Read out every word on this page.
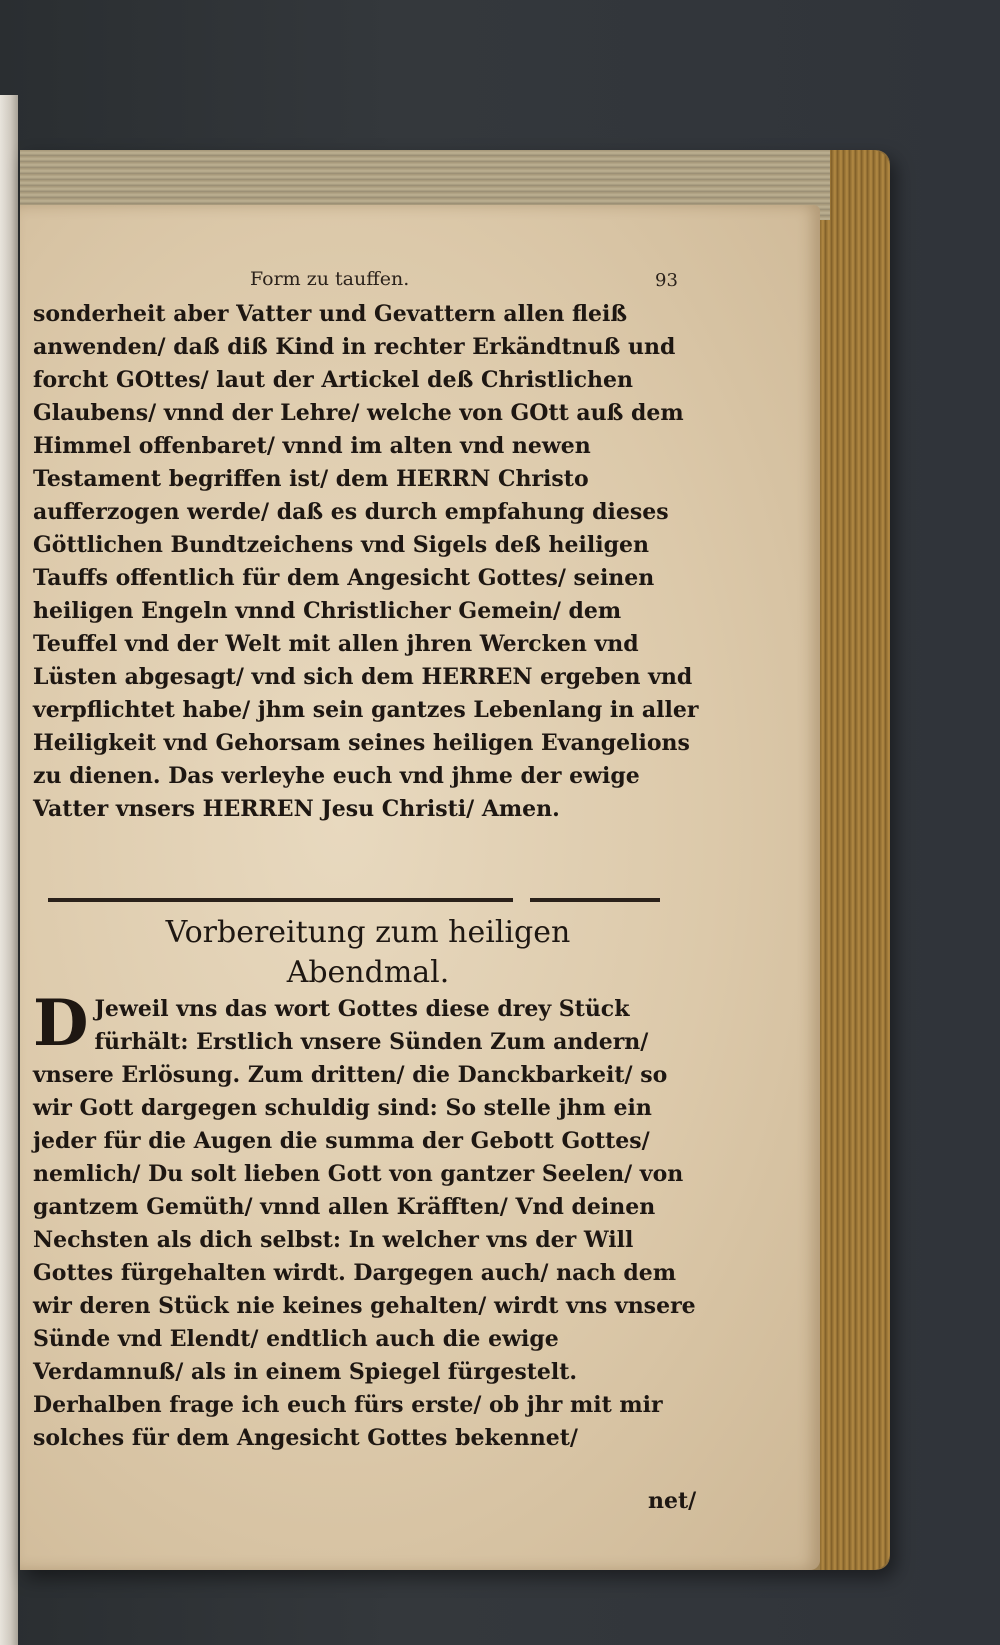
Form zu tauffen.	93
sonderheit aber Vatter und Gevattern allen fleiß anwenden/ daß diß Kind in rechter Erkändtnuß und forcht GOttes/ laut der Artickel deß Christlichen Glaubens/ vnnd der Lehre/ welche von GOtt auß dem Himmel offenbaret/ vnnd im alten vnd newen Testament begriffen ist/ dem HERRN Christo aufferzogen werde/ daß es durch empfahung dieses Göttlichen Bundtzeichens vnd Sigels deß heiligen Tauffs offentlich für dem Angesicht Gottes/ seinen heiligen Engeln vnnd Christlicher Gemein/ dem Teuffel vnd der Welt mit allen jhren Wercken vnd Lüsten abgesagt/ vnd sich dem HERREN ergeben vnd verpflichtet habe/ jhm sein gantzes Lebenlang in aller Heiligkeit vnd Gehorsam seines heiligen Evangelions zu dienen. Das verleyhe euch vnd jhme der ewige Vatter vnsers HERREN Jesu Christi/ Amen.
Vorbereitung zum heiligen
Abendmal.
D Jeweil vns das wort Gottes diese drey Stück fürhält: Erstlich vnsere Sünden Zum andern/ vnsere Erlösung. Zum dritten/ die Danckbarkeit/ so wir Gott dargegen schuldig sind: So stelle jhm ein jeder für die Augen die summa der Gebott Gottes/ nemlich/ Du solt lieben Gott von gantzer Seelen/ von gantzem Gemüth/ vnnd allen Kräfften/ Vnd deinen Nechsten als dich selbst: In welcher vns der Will Gottes fürgehalten wirdt. Dargegen auch/ nach dem wir deren Stück nie keines gehalten/ wirdt vns vnsere Sünde vnd Elendt/ endtlich auch die ewige Verdamnuß/ als in einem Spiegel fürgestelt. Derhalben frage ich euch fürs erste/ ob jhr mit mir solches für dem Angesicht Gottes bekennet/
net/
